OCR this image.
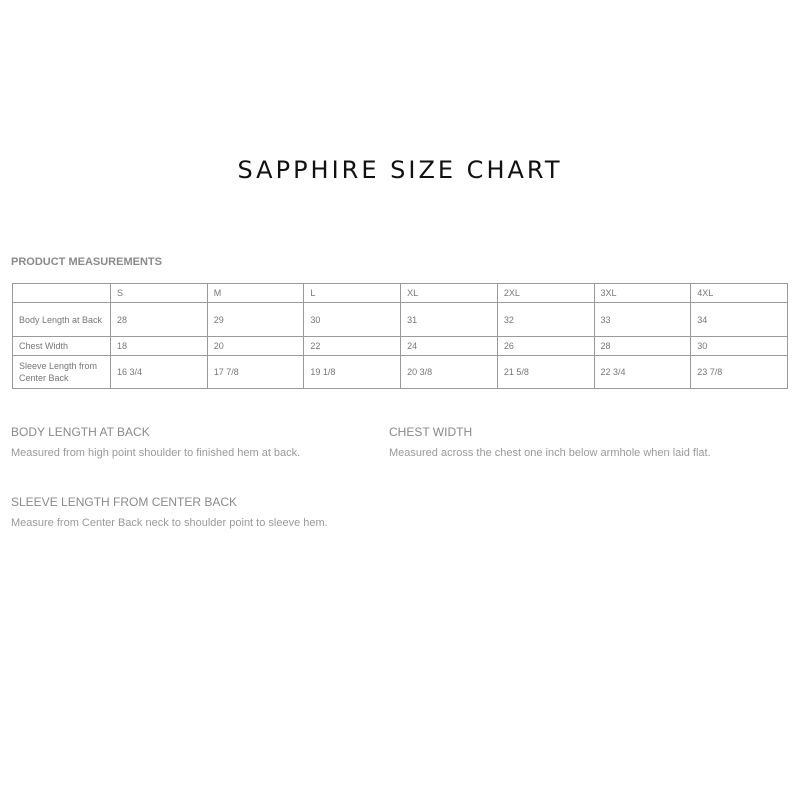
SAPPHIRE SIZE CHART
PRODUCT MEASUREMENTS
	S	M	L	XL	2XL	3XL	4XL
Body Length at Back	28	29	30	31	32	33	34
Chest Width	18	20	22	24	26	28	30
Sleeve Length from Center Back	16 3/4	17 7/8	19 1/8	20 3/8	21 5/8	22 3/4	23 7/8
BODY LENGTH AT BACK
Measured from high point shoulder to finished hem at back.
CHEST WIDTH
Measured across the chest one inch below armhole when laid flat.
SLEEVE LENGTH FROM CENTER BACK
Measure from Center Back neck to shoulder point to sleeve hem.
